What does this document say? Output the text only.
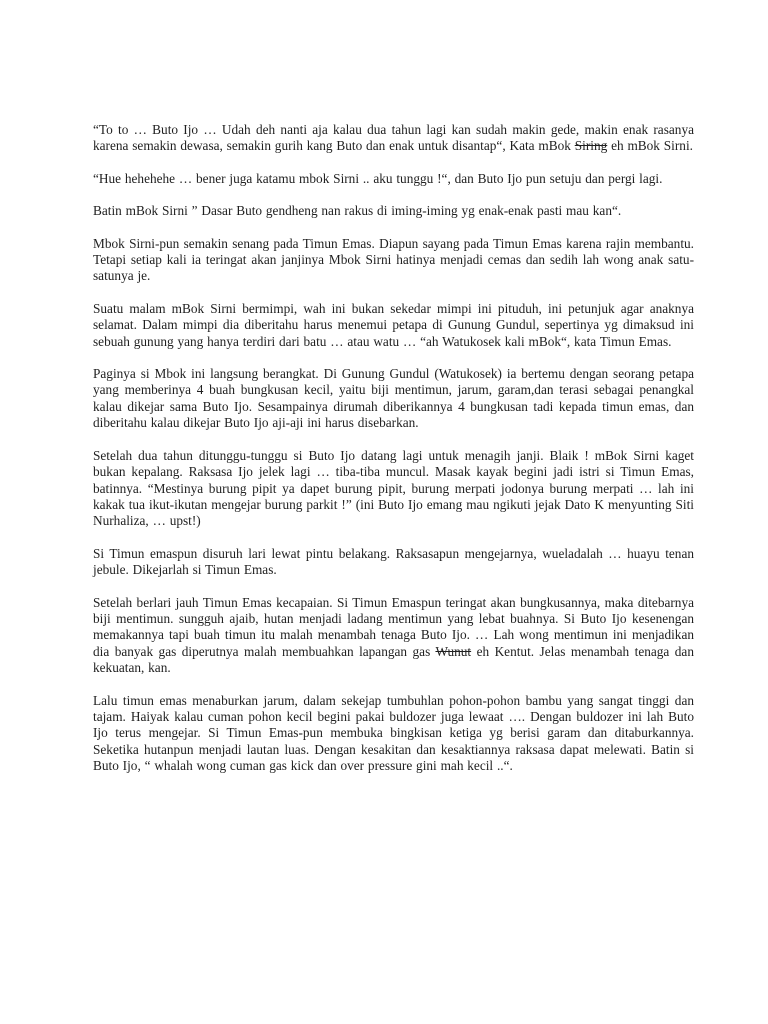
“To to … Buto Ijo … Udah deh nanti aja kalau dua tahun lagi kan sudah makin gede, makin enak rasanya karena semakin dewasa, semakin gurih kang Buto dan enak untuk disantap“, Kata mBok Siring eh mBok Sirni.

“Hue hehehehe … bener juga katamu mbok Sirni .. aku tunggu !“, dan Buto Ijo pun setuju dan pergi lagi.

Batin mBok Sirni ” Dasar Buto gendheng nan rakus di iming-iming yg enak-enak pasti mau kan“.

Mbok Sirni-pun semakin senang pada Timun Emas. Diapun sayang pada Timun Emas karena rajin membantu. Tetapi setiap kali ia teringat akan janjinya Mbok Sirni hatinya menjadi cemas dan sedih lah wong anak satu-satunya je.

Suatu malam mBok Sirni bermimpi, wah ini bukan sekedar mimpi ini pituduh, ini petunjuk agar anaknya selamat. Dalam mimpi dia diberitahu harus menemui petapa di Gunung Gundul, sepertinya yg dimaksud ini sebuah gunung yang hanya terdiri dari batu … atau watu … “ah Watukosek kali mBok“, kata Timun Emas.

Paginya si Mbok ini langsung berangkat. Di Gunung Gundul (Watukosek) ia bertemu dengan seorang petapa yang memberinya 4 buah bungkusan kecil, yaitu biji mentimun, jarum, garam,dan terasi sebagai penangkal kalau dikejar sama Buto Ijo. Sesampainya dirumah diberikannya 4 bungkusan tadi kepada timun emas, dan diberitahu kalau dikejar Buto Ijo aji-aji ini harus disebarkan.

Setelah dua tahun ditunggu-tunggu si Buto Ijo datang lagi untuk menagih janji. Blaik ! mBok Sirni kaget bukan kepalang. Raksasa Ijo jelek lagi … tiba-tiba muncul. Masak kayak begini jadi istri si Timun Emas, batinnya. “Mestinya burung pipit ya dapet burung pipit, burung merpati jodonya burung merpati … lah ini kakak tua ikut-ikutan mengejar burung parkit !” (ini Buto Ijo emang mau ngikuti jejak Dato K menyunting Siti Nurhaliza, … upst!)

Si Timun emaspun disuruh lari lewat pintu belakang. Raksasapun mengejarnya, wueladalah … huayu tenan jebule. Dikejarlah si Timun Emas.

Setelah berlari jauh Timun Emas kecapaian. Si Timun Emaspun teringat akan bungkusannya, maka ditebarnya biji mentimun. sungguh ajaib, hutan menjadi ladang mentimun yang lebat buahnya. Si Buto Ijo kesenengan memakannya tapi buah timun itu malah menambah tenaga Buto Ijo. … Lah wong mentimun ini menjadikan dia banyak gas diperutnya malah membuahkan lapangan gas Wunut eh Kentut. Jelas menambah tenaga dan kekuatan, kan.

Lalu timun emas menaburkan jarum, dalam sekejap tumbuhlan pohon-pohon bambu yang sangat tinggi dan tajam. Haiyak kalau cuman pohon kecil begini pakai buldozer juga lewaat …. Dengan buldozer ini lah Buto Ijo terus mengejar. Si Timun Emas-pun membuka bingkisan ketiga yg berisi garam dan ditaburkannya. Seketika hutanpun menjadi lautan luas. Dengan kesakitan dan kesaktiannya raksasa dapat melewati. Batin si Buto Ijo, “ whalah wong cuman gas kick dan over pressure gini mah kecil ..“.
